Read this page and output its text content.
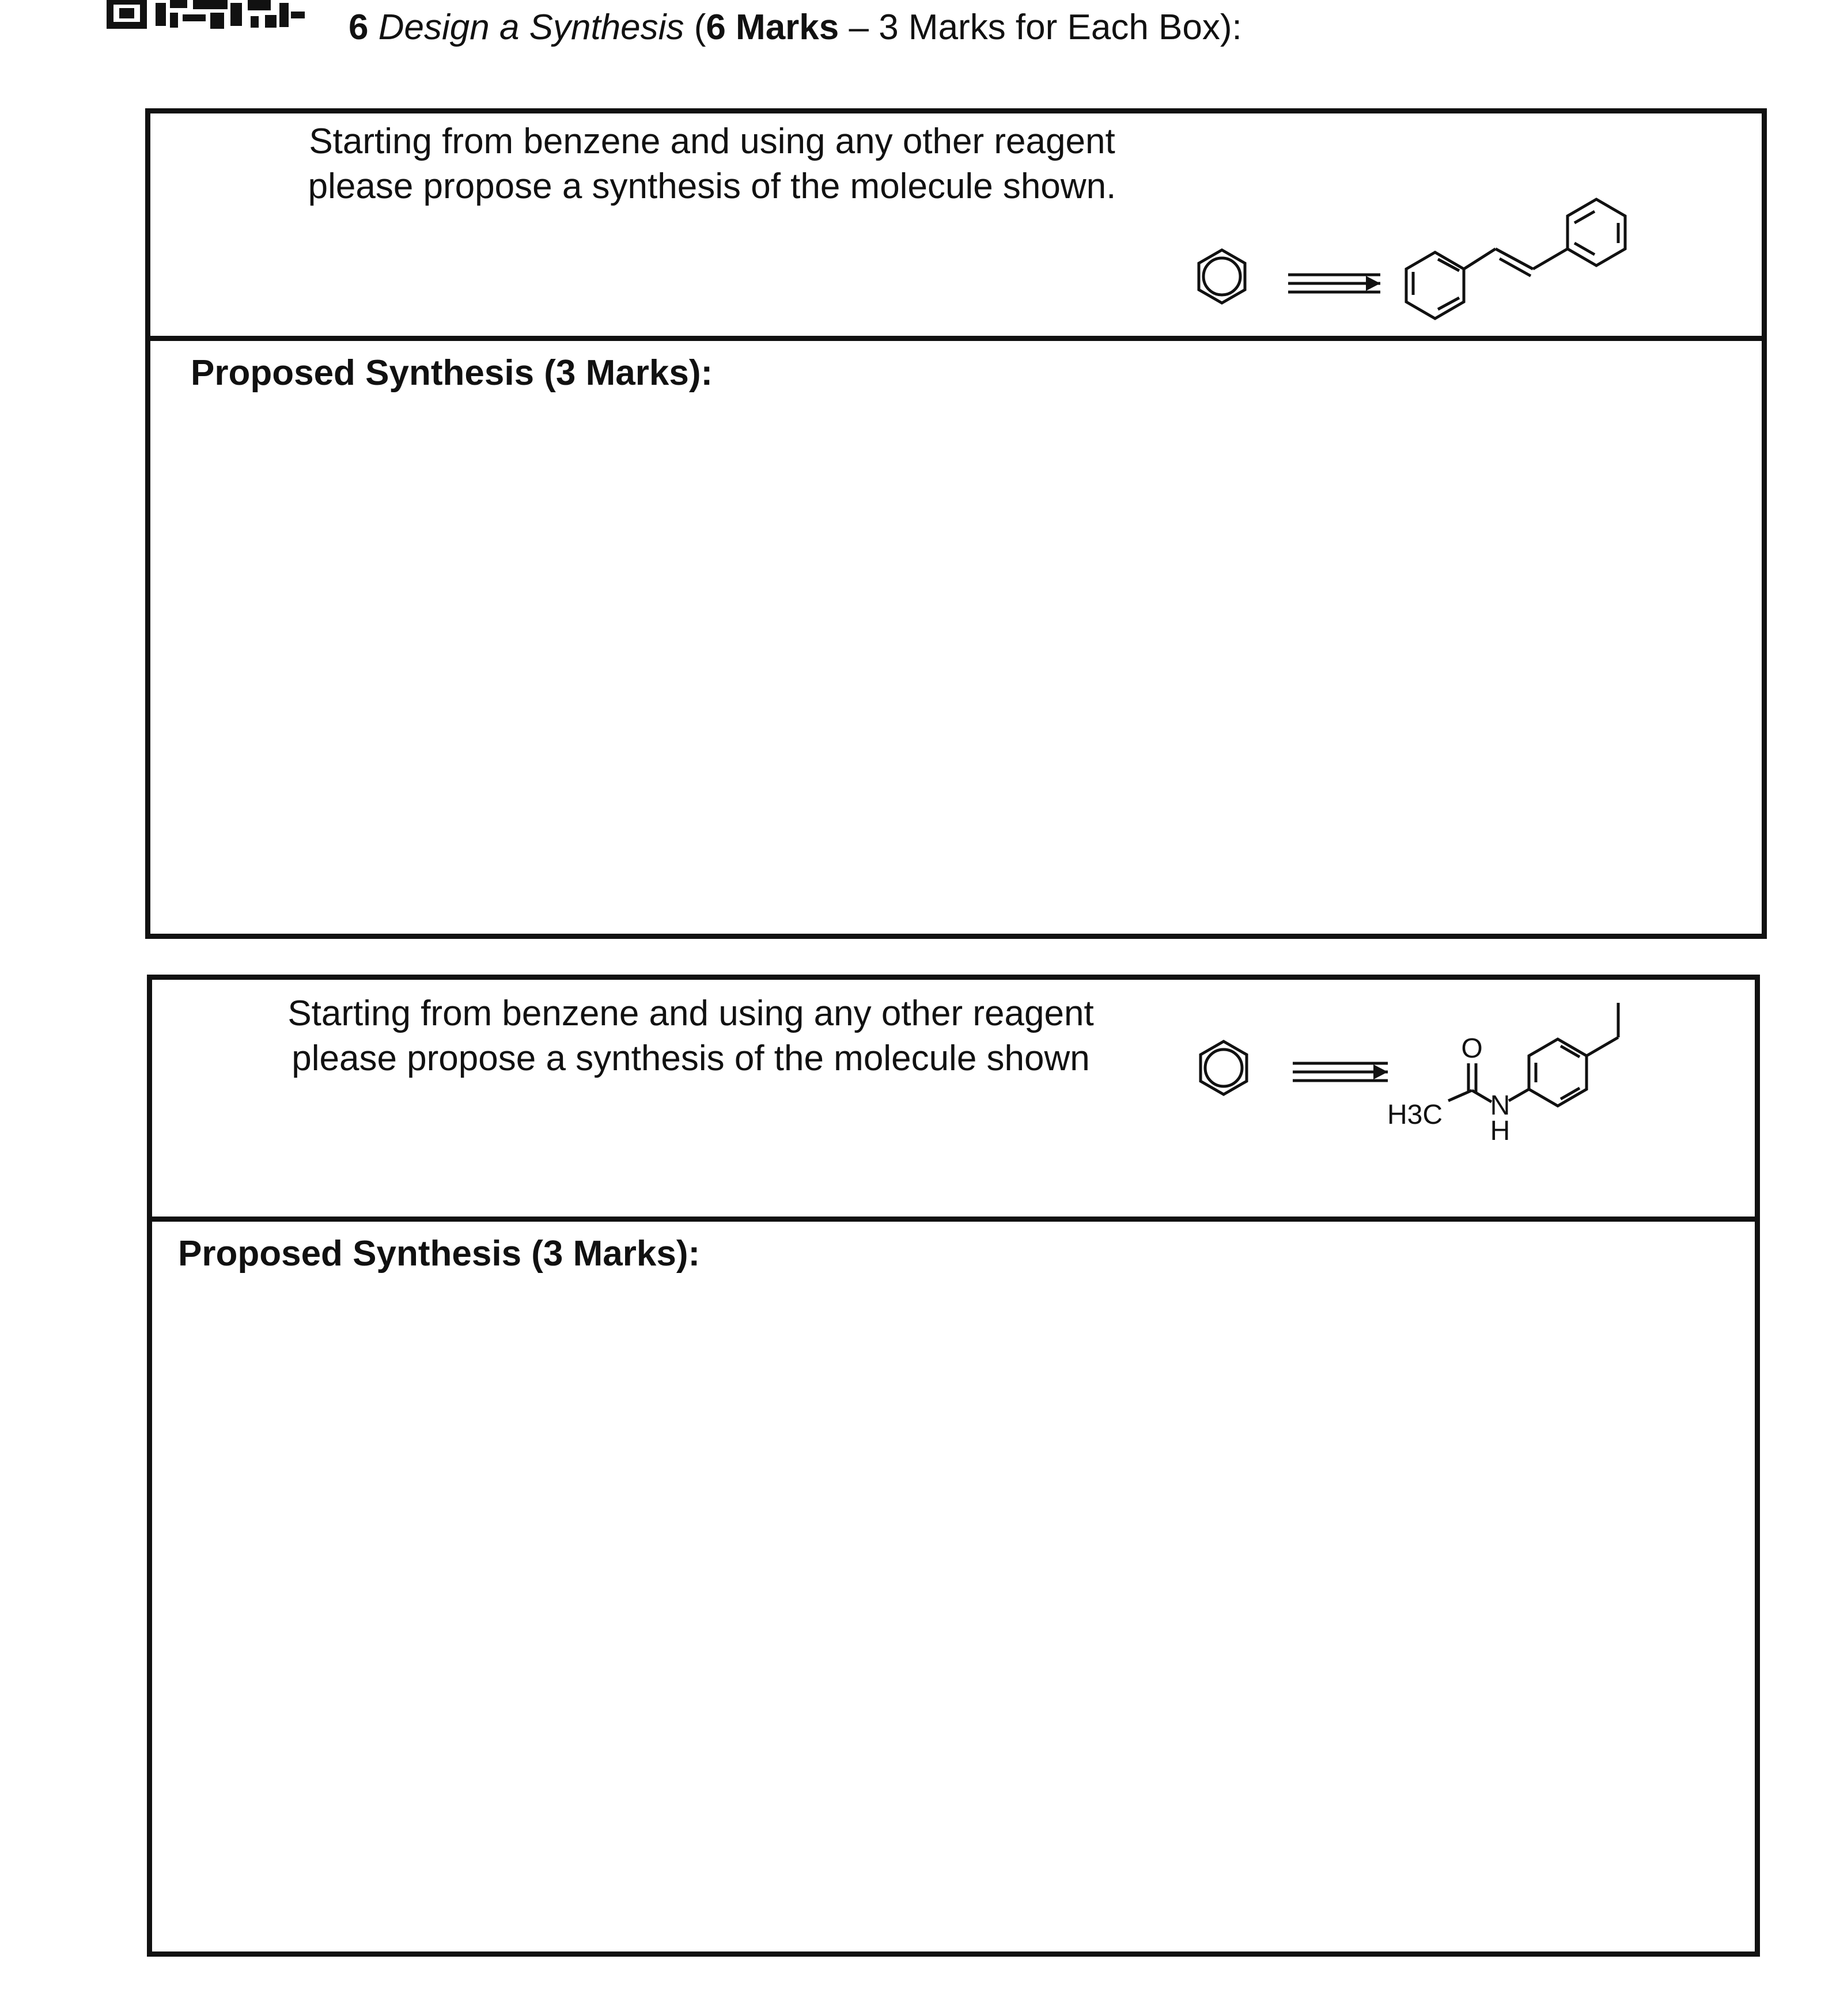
6 Design a Synthesis (6 Marks – 3 Marks for Each Box):
Starting from benzene and using any other reagent
please propose a synthesis of the molecule shown.
Proposed Synthesis (3 Marks):
Starting from benzene and using any other reagent
please propose a synthesis of the molecule shown
H3C
O
N
H
Proposed Synthesis (3 Marks):
